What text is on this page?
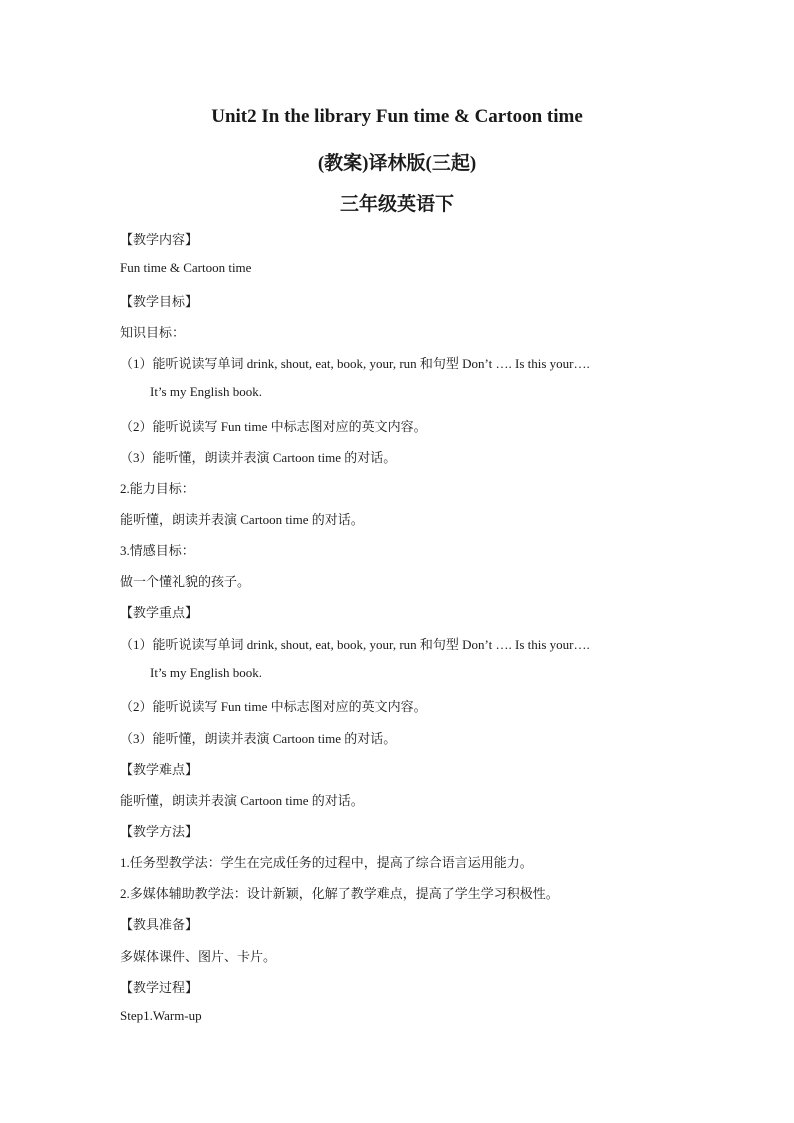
Unit2 In the library Fun time & Cartoon time
(教案)译林版(三起)
三年级英语下
【教学内容】
Fun time & Cartoon time
【教学目标】
知识目标：
（1）能听说读写单词 drink, shout, eat, book, your, run 和句型 Don’t …. Is this your….
It’s my English book.
（2）能听说读写 Fun time 中标志图对应的英文内容。
（3）能听懂，朗读并表演 Cartoon time 的对话。
2.能力目标：
能听懂，朗读并表演 Cartoon time 的对话。
3.情感目标：
做一个懂礼貌的孩子。
【教学重点】
（1）能听说读写单词 drink, shout, eat, book, your, run 和句型 Don’t …. Is this your….
It’s my English book.
（2）能听说读写 Fun time 中标志图对应的英文内容。
（3）能听懂，朗读并表演 Cartoon time 的对话。
【教学难点】
能听懂，朗读并表演 Cartoon time 的对话。
【教学方法】
1.任务型教学法：学生在完成任务的过程中，提高了综合语言运用能力。
2.多媒体辅助教学法：设计新颖，化解了教学难点，提高了学生学习积极性。
【教具准备】
多媒体课件、图片、卡片。
【教学过程】
Step1.Warm-up
